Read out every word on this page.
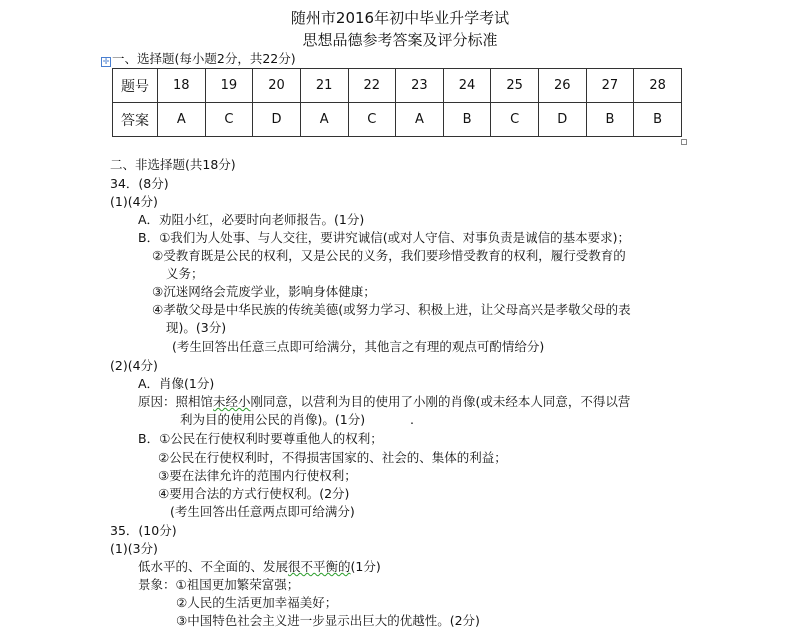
随州市2016年初中毕业升学考试
思想品德参考答案及评分标准
✛ 一、选择题(每小题2分，共22分)
题号	18	19	20	21	22	23	24	25	26	27	28
答案	A	C	D	A	C	A	B	C	D	B	B
二、非选择题(共18分)
34．(8分)
(1)(4分)
A．劝阻小红，必要时向老师报告。(1分)
B．①我们为人处事、与人交往，要讲究诚信(或对人守信、对事负责是诚信的基本要求)；
②受教育既是公民的权利，又是公民的义务，我们要珍惜受教育的权利，履行受教育的
义务；
③沉迷网络会荒废学业，影响身体健康；
④孝敬父母是中华民族的传统美德(或努力学习、积极上进，让父母高兴是孝敬父母的表
现)。(3分)
(考生回答出任意三点即可给满分，其他言之有理的观点可酌情给分)
(2)(4分)
A．肖像(1分)
原因：照相馆未经小刚同意，以营利为目的使用了小刚的肖像(或未经本人同意，不得以营
利为目的使用公民的肖像)。(1分)	.
B．①公民在行使权利时要尊重他人的权利；
②公民在行使权利时，不得损害国家的、社会的、集体的利益；
③要在法律允许的范围内行使权利；
④要用合法的方式行使权利。(2分)
(考生回答出任意两点即可给满分)
35．(10分)
(1)(3分)
低水平的、不全面的、发展很不平衡的(1分)
景象：①祖国更加繁荣富强；
②人民的生活更加幸福美好；
③中国特色社会主义进一步显示出巨大的优越性。(2分)
